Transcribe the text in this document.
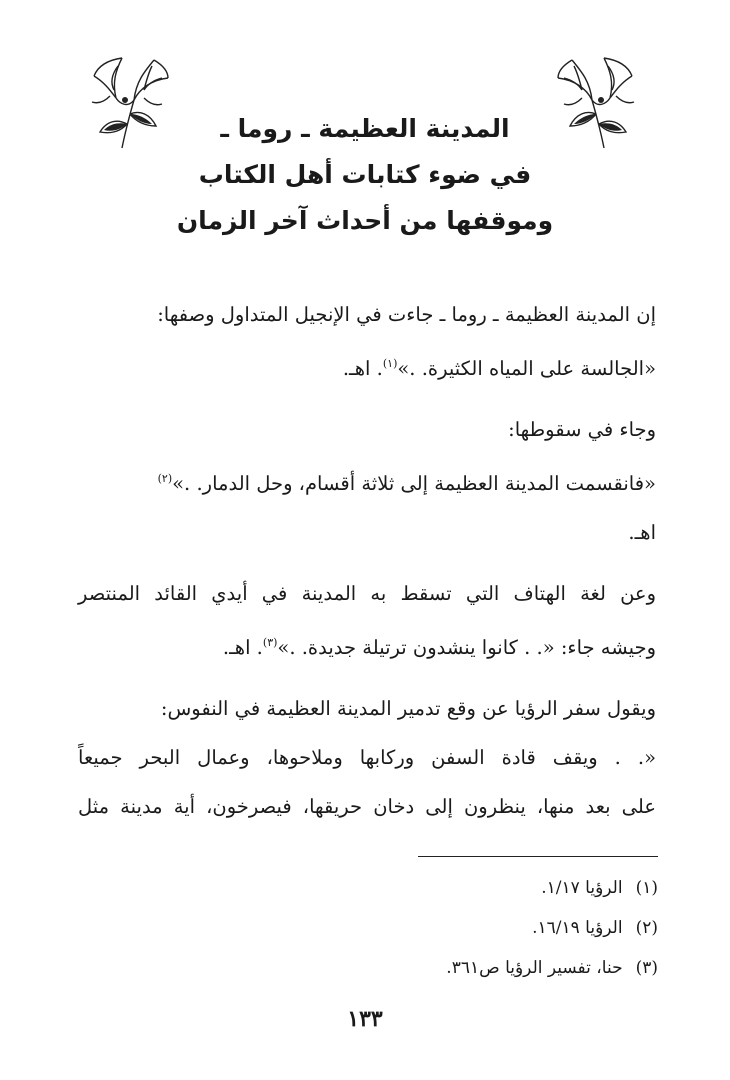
المدينة العظيمة ـ روما ـ
في ضوء كتابات أهل الكتاب
وموقفها من أحداث آخر الزمان
إن المدينة العظيمة ـ روما ـ جاءت في الإنجيل المتداول وصفها:
«الجالسة على المياه الكثيرة. .»$^{(١)}$. اهـ.
وجاء في سقوطها:
«فانقسمت المدينة العظيمة إلى ثلاثة أقسام، وحل الدمار. .»$^{(٢)}$
اهـ.
وعن لغة الهتاف التي تسقط به المدينة في أيدي القائد المنتصر
وجيشه جاء: «. . كانوا ينشدون ترتيلة جديدة. .»$^{(٣)}$. اهـ.
ويقول سفر الرؤيا عن وقع تدمير المدينة العظيمة في النفوس:
«. . ويقف قادة السفن وركابها وملاحوها، وعمال البحر جميعاً
على بعد منها، ينظرون إلى دخان حريقها، فيصرخون، أية مدينة مثل
(١) الرؤيا ١/١٧.
(٢) الرؤيا ١٦/١٩.
(٣) حنا، تفسير الرؤيا ص٣٦١.
١٣٣
